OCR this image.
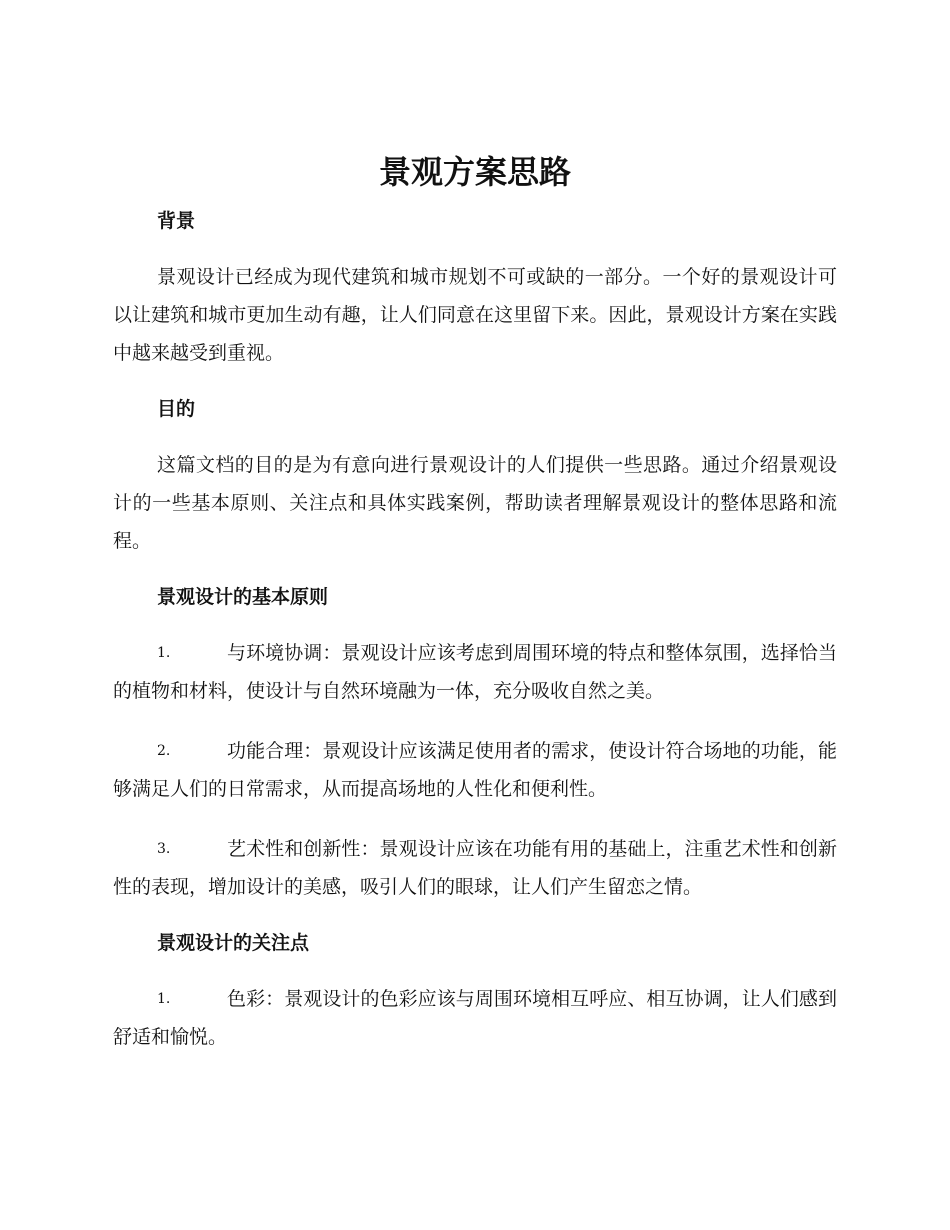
景观方案思路
背景

景观设计已经成为现代建筑和城市规划不可或缺的一部分。一个好的景观设计可以让建筑和城市更加生动有趣，让人们同意在这里留下来。因此，景观设计方案在实践中越来越受到重视。

目的

这篇文档的目的是为有意向进行景观设计的人们提供一些思路。通过介绍景观设计的一些基本原则、关注点和具体实践案例，帮助读者理解景观设计的整体思路和流程。

景观设计的基本原则

1.	与环境协调：景观设计应该考虑到周围环境的特点和整体氛围，选择恰当的植物和材料，使设计与自然环境融为一体，充分吸收自然之美。

2.	功能合理：景观设计应该满足使用者的需求，使设计符合场地的功能，能够满足人们的日常需求，从而提高场地的人性化和便利性。

3.	艺术性和创新性：景观设计应该在功能有用的基础上，注重艺术性和创新性的表现，增加设计的美感，吸引人们的眼球，让人们产生留恋之情。

景观设计的关注点

1.	色彩：景观设计的色彩应该与周围环境相互呼应、相互协调，让人们感到舒适和愉悦。
